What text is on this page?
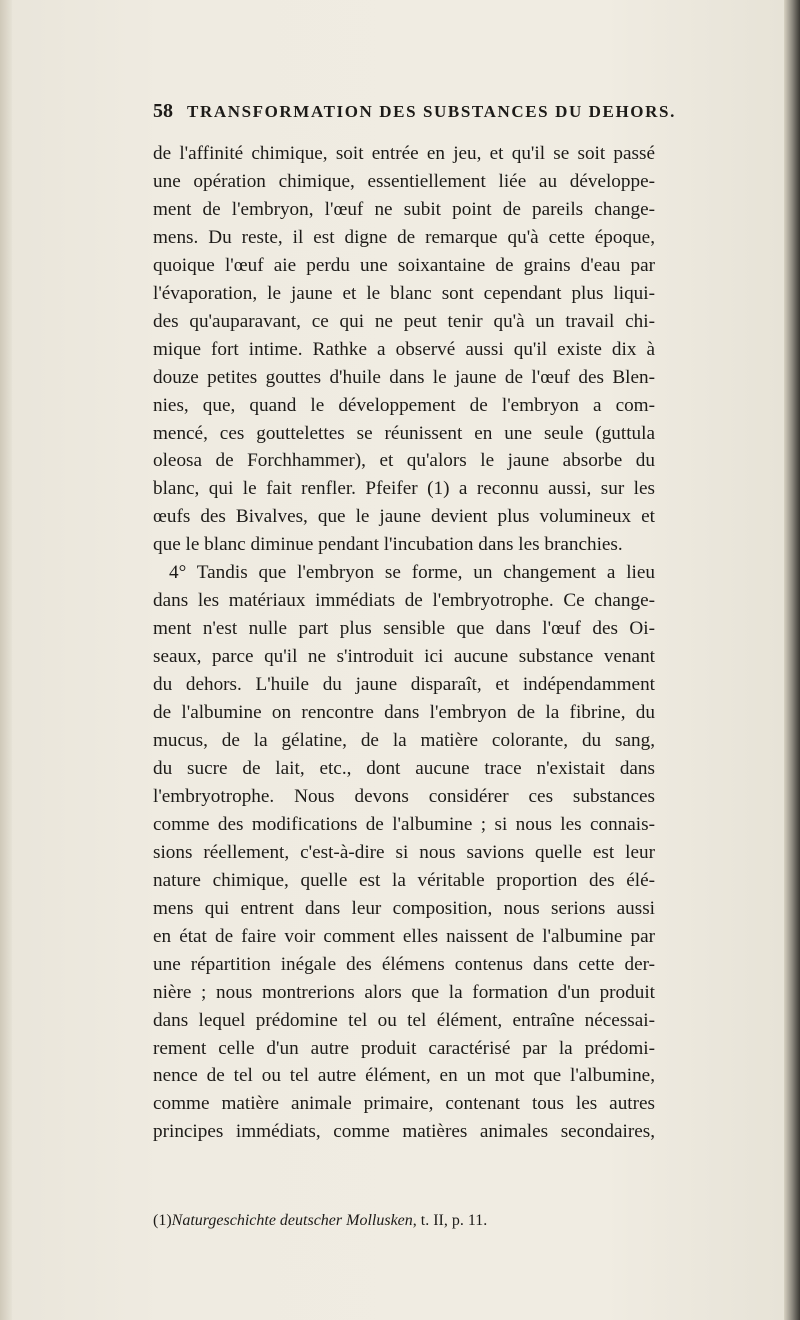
58 TRANSFORMATION DES SUBSTANCES DU DEHORS.
de l'affinité chimique, soit entrée en jeu, et qu'il se soit passé
une opération chimique, essentiellement liée au développe-
ment de l'embryon, l'œuf ne subit point de pareils change-
mens. Du reste, il est digne de remarque qu'à cette époque,
quoique l'œuf aie perdu une soixantaine de grains d'eau par
l'évaporation, le jaune et le blanc sont cependant plus liqui-
des qu'auparavant, ce qui ne peut tenir qu'à un travail chi-
mique fort intime. Rathke a observé aussi qu'il existe dix à
douze petites gouttes d'huile dans le jaune de l'œuf des Blen-
nies, que, quand le développement de l'embryon a com-
mencé, ces gouttelettes se réunissent en une seule (guttula
oleosa de Forchhammer), et qu'alors le jaune absorbe du
blanc, qui le fait renfler. Pfeifer (1) a reconnu aussi, sur les
œufs des Bivalves, que le jaune devient plus volumineux et
que le blanc diminue pendant l'incubation dans les branchies.
4° Tandis que l'embryon se forme, un changement a lieu
dans les matériaux immédiats de l'embryotrophe. Ce change-
ment n'est nulle part plus sensible que dans l'œuf des Oi-
seaux, parce qu'il ne s'introduit ici aucune substance venant
du dehors. L'huile du jaune disparaît, et indépendamment
de l'albumine on rencontre dans l'embryon de la fibrine, du
mucus, de la gélatine, de la matière colorante, du sang,
du sucre de lait, etc., dont aucune trace n'existait dans
l'embryotrophe. Nous devons considérer ces substances
comme des modifications de l'albumine ; si nous les connais-
sions réellement, c'est-à-dire si nous savions quelle est leur
nature chimique, quelle est la véritable proportion des élé-
mens qui entrent dans leur composition, nous serions aussi
en état de faire voir comment elles naissent de l'albumine par
une répartition inégale des élémens contenus dans cette der-
nière ; nous montrerions alors que la formation d'un produit
dans lequel prédomine tel ou tel élément, entraîne nécessai-
rement celle d'un autre produit caractérisé par la prédomi-
nence de tel ou tel autre élément, en un mot que l'albumine,
comme matière animale primaire, contenant tous les autres
principes immédiats, comme matières animales secondaires,
(1)Naturgeschichte deutscher Mollusken, t. II, p. 11.
